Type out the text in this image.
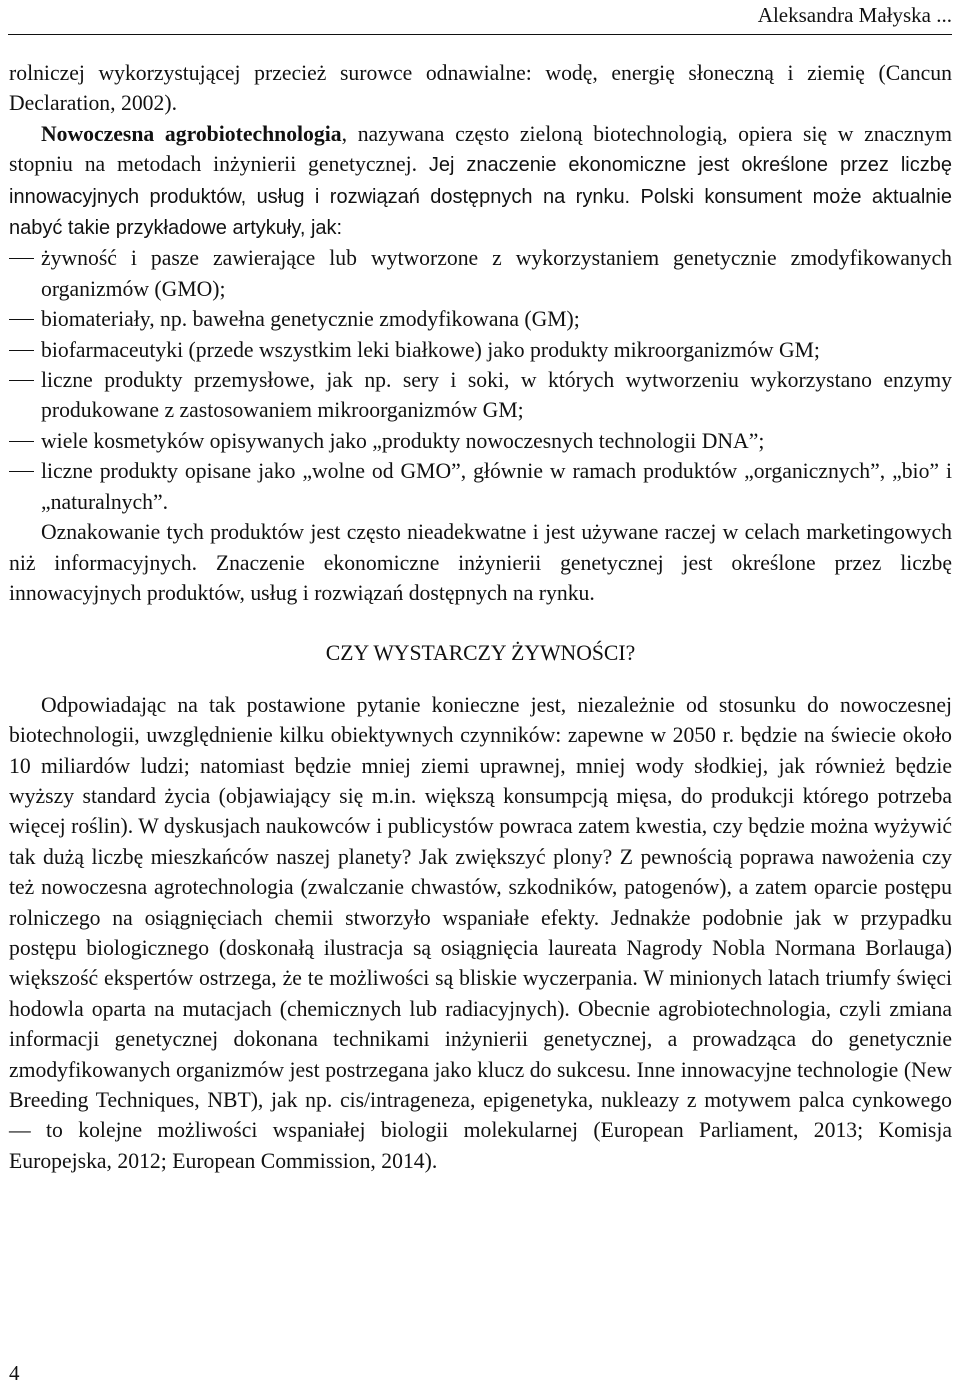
Aleksandra Małyska ...

rolniczej wykorzystującej przecież surowce odnawialne: wodę, energię słoneczną i ziemię (Cancun Declaration, 2002).

Nowoczesna agrobiotechnologia, nazywana często zieloną biotechnologią, opiera się w znacznym stopniu na metodach inżynierii genetycznej. Jej znaczenie ekonomiczne jest określone przez liczbę innowacyjnych produktów, usług i rozwiązań dostępnych na rynku. Polski konsument może aktualnie nabyć takie przykładowe artykuły, jak:

żywność i pasze zawierające lub wytworzone z wykorzystaniem genetycznie zmodyfikowanych organizmów (GMO);
biomateriały, np. bawełna genetycznie zmodyfikowana (GM);
biofarmaceutyki (przede wszystkim leki białkowe) jako produkty mikroorganizmów GM;
liczne produkty przemysłowe, jak np. sery i soki, w których wytworzeniu wykorzystano enzymy produkowane z zastosowaniem mikroorganizmów GM;
wiele kosmetyków opisywanych jako „produkty nowoczesnych technologii DNA”;
liczne produkty opisane jako „wolne od GMO”, głównie w ramach produktów „organicznych”, „bio” i „naturalnych”.

Oznakowanie tych produktów jest często nieadekwatne i jest używane raczej w celach marketingowych niż informacyjnych. Znaczenie ekonomiczne inżynierii genetycznej jest określone przez liczbę innowacyjnych produktów, usług i rozwiązań dostępnych na rynku.

CZY WYSTARCZY ŻYWNOŚCI?

Odpowiadając na tak postawione pytanie konieczne jest, niezależnie od stosunku do nowoczesnej biotechnologii, uwzględnienie kilku obiektywnych czynników: zapewne w 2050 r. będzie na świecie około 10 miliardów ludzi; natomiast będzie mniej ziemi uprawnej, mniej wody słodkiej, jak również będzie wyższy standard życia (objawiający się m.in. większą konsumpcją mięsa, do produkcji którego potrzeba więcej roślin). W dyskusjach naukowców i publicystów powraca zatem kwestia, czy będzie można wyżywić tak dużą liczbę mieszkańców naszej planety? Jak zwiększyć plony? Z pewnością poprawa nawożenia czy też nowoczesna agrotechnologia (zwalczanie chwastów, szkodników, patogenów), a zatem oparcie postępu rolniczego na osiągnięciach chemii stworzyło wspaniałe efekty. Jednakże podobnie jak w przypadku postępu biologicznego (doskonałą ilustracja są osiągnięcia laureata Nagrody Nobla Normana Borlauga) większość ekspertów ostrzega, że te możliwości są bliskie wyczerpania. W minionych latach triumfy święci hodowla oparta na mutacjach (chemicznych lub radiacyjnych). Obecnie agrobiotechnologia, czyli zmiana informacji genetycznej dokonana technikami inżynierii genetycznej, a prowadząca do genetycznie zmodyfikowanych organizmów jest postrzegana jako klucz do sukcesu. Inne innowacyjne technologie (New Breeding Techniques, NBT), jak np. cis/intrageneza, epigenetyka, nukleazy z motywem palca cynkowego — to kolejne możliwości wspaniałej biologii molekularnej (European Parliament, 2013; Komisja Europejska, 2012; European Commission, 2014).

4
